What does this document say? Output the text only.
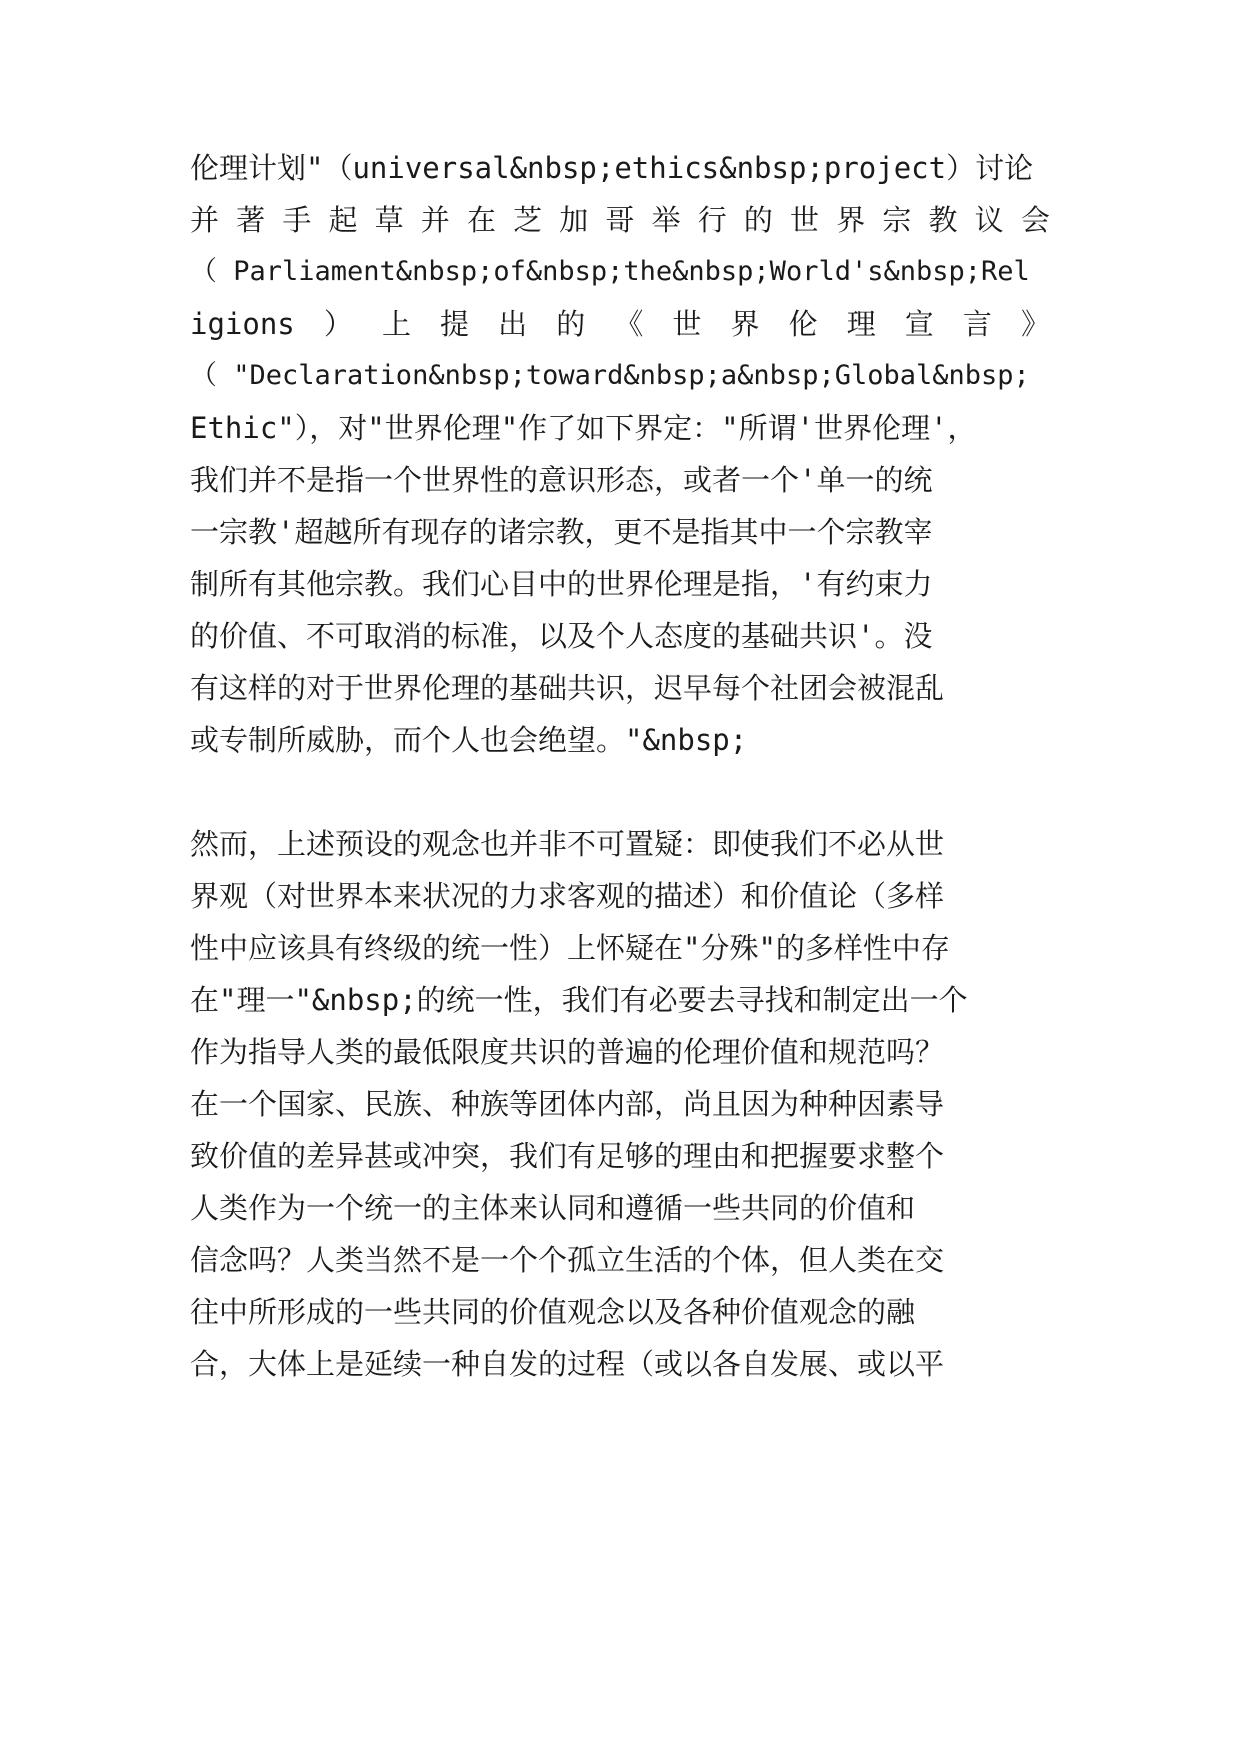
伦理计划"（universal&nbsp;ethics&nbsp;project）讨论
并 著 手 起 草 并 在 芝 加 哥 举 行 的 世 界 宗 教 议 会
（ Parliament&nbsp;of&nbsp;the&nbsp;World's&nbsp;Rel
igions ） 上 提 出 的 《 世 界 伦 理 宣 言 》
（ "Declaration&nbsp;toward&nbsp;a&nbsp;Global&nbsp;
Ethic"），对"世界伦理"作了如下界定："所谓'世界伦理'，
我们并不是指一个世界性的意识形态，或者一个'单一的统
一宗教'超越所有现存的诸宗教，更不是指其中一个宗教宰
制所有其他宗教。我们心目中的世界伦理是指，'有约束力
的价值、不可取消的标准，以及个人态度的基础共识'。没
有这样的对于世界伦理的基础共识，迟早每个社团会被混乱
或专制所威胁，而个人也会绝望。"&nbsp;
然而，上述预设的观念也并非不可置疑：即使我们不必从世
界观（对世界本来状况的力求客观的描述）和价值论（多样
性中应该具有终级的统一性）上怀疑在"分殊"的多样性中存
在"理一"&nbsp;的统一性，我们有必要去寻找和制定出一个
作为指导人类的最低限度共识的普遍的伦理价值和规范吗？
在一个国家、民族、种族等团体内部，尚且因为种种因素导
致价值的差异甚或冲突，我们有足够的理由和把握要求整个
人类作为一个统一的主体来认同和遵循一些共同的价值和
信念吗？人类当然不是一个个孤立生活的个体，但人类在交
往中所形成的一些共同的价值观念以及各种价值观念的融
合，大体上是延续一种自发的过程（或以各自发展、或以平
